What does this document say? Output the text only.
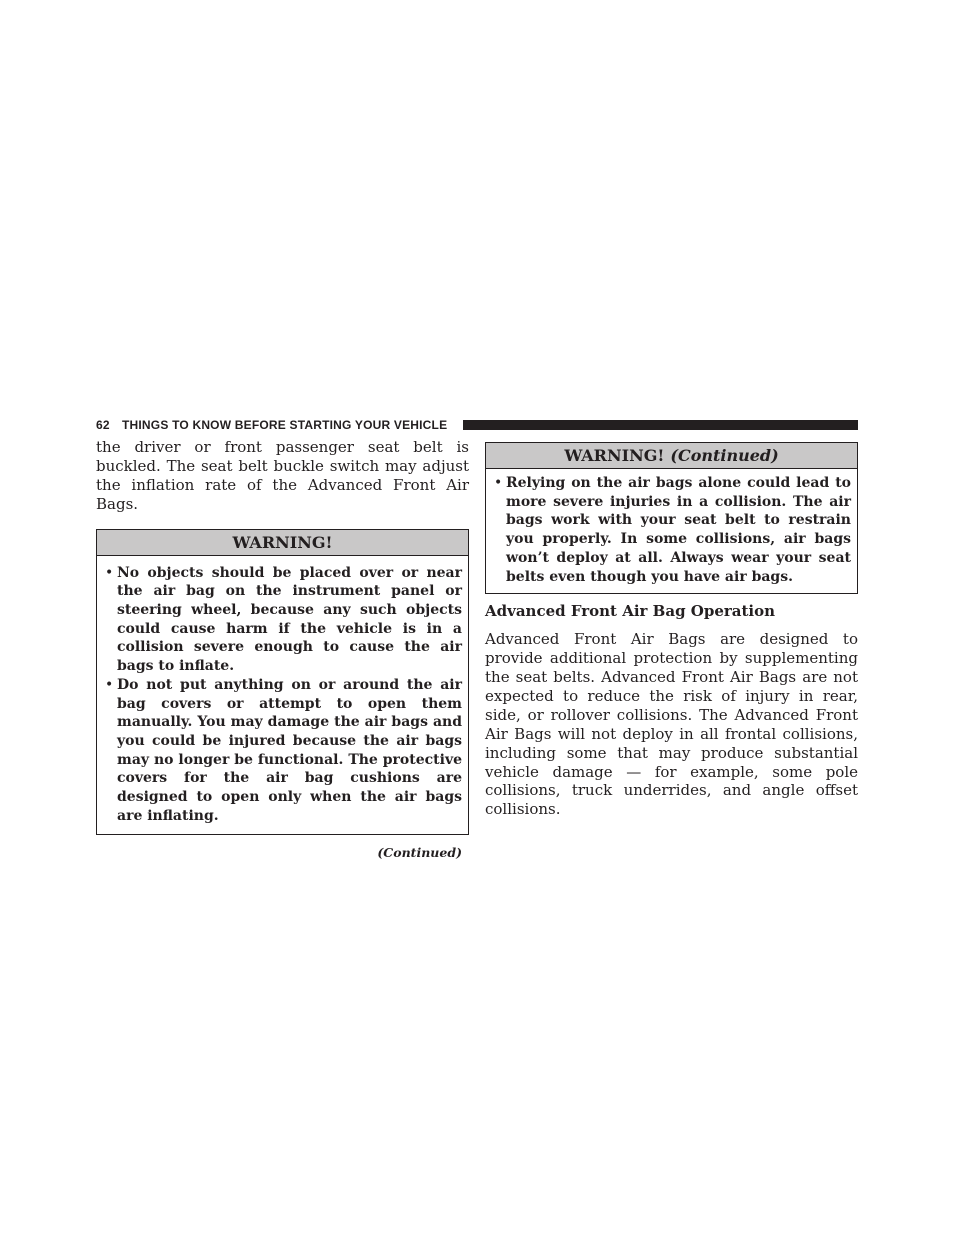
62 THINGS TO KNOW BEFORE STARTING YOUR VEHICLE

the driver or front passenger seat belt is buckled. The seat belt buckle switch may adjust the inflation rate of the Advanced Front Air Bags.

WARNING!
• No objects should be placed over or near the air bag on the instrument panel or steering wheel, because any such objects could cause harm if the vehicle is in a collision severe enough to cause the air bags to inflate.
• Do not put anything on or around the air bag covers or attempt to open them manually. You may damage the air bags and you could be injured because the air bags may no longer be functional. The protective covers for the air bag cushions are designed to open only when the air bags are inflating.
(Continued)
WARNING! (Continued)
• Relying on the air bags alone could lead to more severe injuries in a collision. The air bags work with your seat belt to restrain you properly. In some collisions, air bags won’t deploy at all. Always wear your seat belts even though you have air bags.
Advanced Front Air Bag Operation

Advanced Front Air Bags are designed to provide additional protection by supplementing the seat belts. Advanced Front Air Bags are not expected to reduce the risk of injury in rear, side, or rollover collisions. The Advanced Front Air Bags will not deploy in all frontal collisions, including some that may produce substantial vehicle damage — for example, some pole collisions, truck underrides, and angle offset collisions.
